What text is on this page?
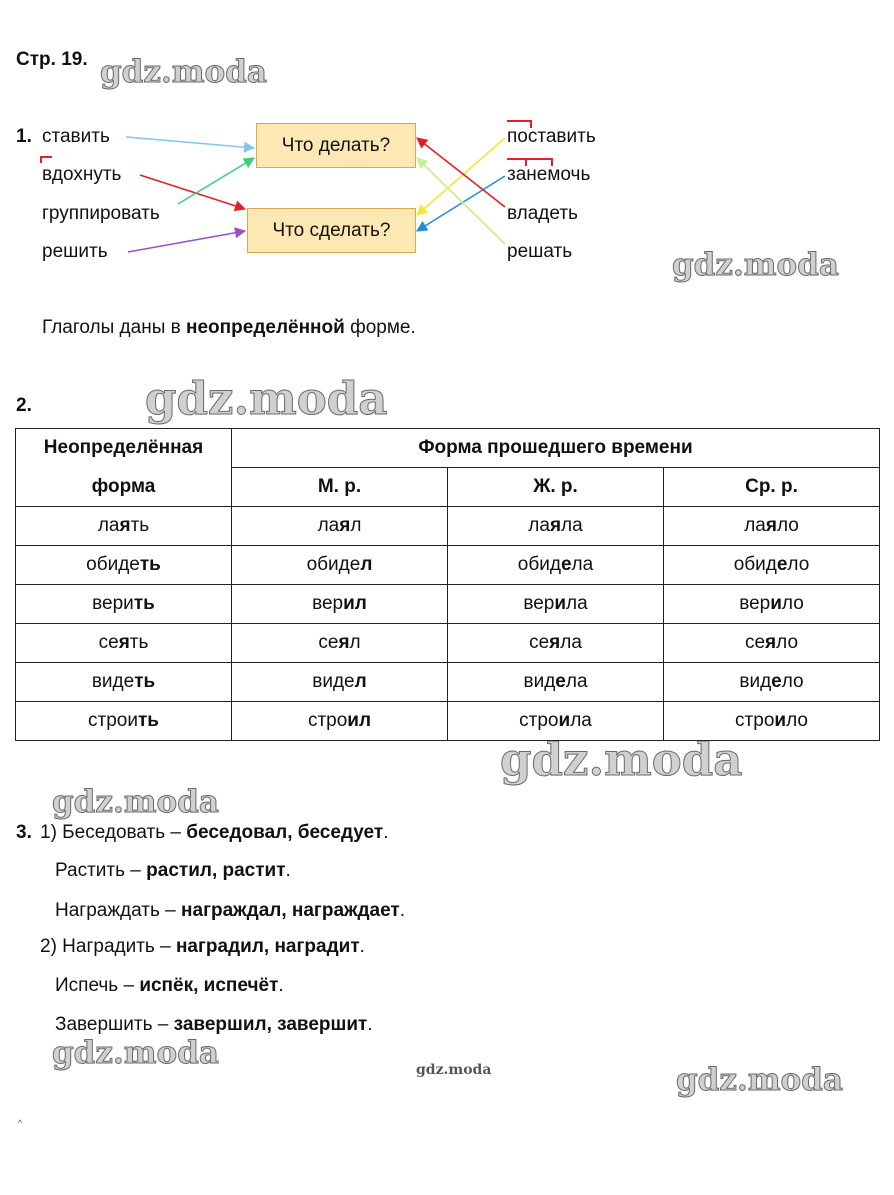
Стр. 19. gdz.moda
gdz.moda
gdz.moda
gdz.moda
gdz.moda
gdz.moda	gdz.moda	gdz.moda
1. ставить
вдохнуть
группировать
решить
поставить
занемочь
владеть
решать
Что делать?
Что сделать?
Глаголы даны в неопределённой форме.
2.
Неопределённая	Форма прошедшего времени		
форма	М. р.	Ж. р.	Ср. р.
лаять	лаял	лаяла	лаяло
обидеть	обидел	обидела	обидело
верить	верил	верила	верило
сеять	сеял	сеяла	сеяло
видеть	видел	видела	видело
строить	строил	строила	строило
3. 1) Беседовать – беседовал, беседует.
Растить – растил, растит.
Награждать – награждал, награждает.
2) Наградить – наградил, наградит.
Испечь – испёк, испечёт.
Завершить – завершил, завершит.
^
